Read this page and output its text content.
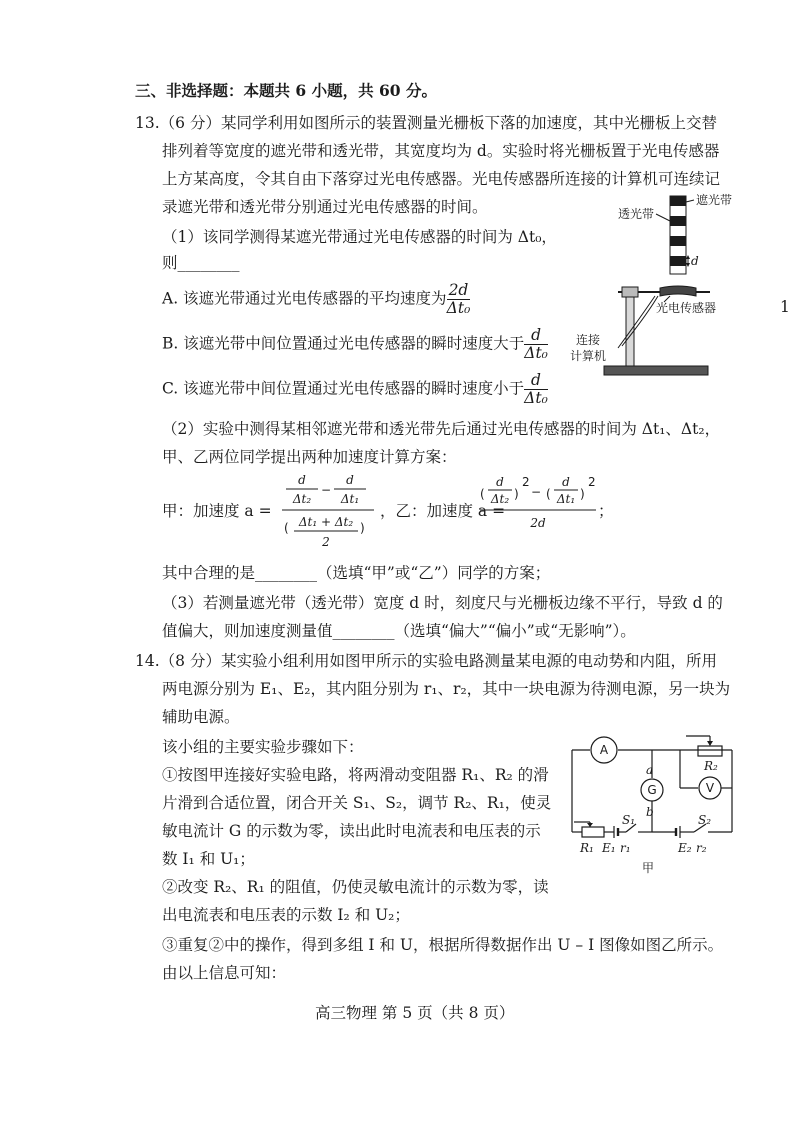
三、非选择题：本题共 6 小题，共 60 分。
13.（6 分）某同学利用如图所示的装置测量光栅板下落的加速度，其中光栅板上交替
排列着等宽度的遮光带和透光带，其宽度均为 d。实验时将光栅板置于光电传感器
上方某高度，令其自由下落穿过光电传感器。光电传感器所连接的计算机可连续记
录遮光带和透光带分别通过光电传感器的时间。
（1）该同学测得某遮光带通过光电传感器的时间为 Δt₀，
则________
A. 该遮光带通过光电传感器的平均速度为 $\frac{2d}{\text{Δt₀}}$
B. 该遮光带中间位置通过光电传感器的瞬时速度大于 $\frac{d}{\text{Δt₀}}$
C. 该遮光带中间位置通过光电传感器的瞬时速度小于 $\frac{d}{\text{Δt₀}}$
（2）实验中测得某相邻遮光带和透光带先后通过光电传感器的时间为 Δt₁、Δt₂，
甲、乙两位同学提出两种加速度计算方案：
甲：加速度 a =
d
Δt₂
−
d
Δt₁
( Δt₁ + Δt₂
2
)
，乙：加速度 a =
(
d
Δt₂ )
2
− (
d
Δt₁ )
2
2d
；
其中合理的是________（选填“甲”或“乙”）同学的方案；
（3）若测量遮光带（透光带）宽度 d 时，刻度尺与光栅板边缘不平行，导致 d 的
值偏大，则加速度测量值________（选填“偏大”“偏小”或“无影响”）。
d
透光带
遮光带
光电传感器
连接
计算机
14.（8 分）某实验小组利用如图甲所示的实验电路测量某电源的电动势和内阻，所用
两电源分别为 E₁、E₂，其内阻分别为 r₁、r₂，其中一块电源为待测电源，另一块为
辅助电源。
该小组的主要实验步骤如下：
①按图甲连接好实验电路，将两滑动变阻器 R₁、R₂ 的滑
片滑到合适位置，闭合开关 S₁、S₂，调节 R₂、R₁，使灵
敏电流计 G 的示数为零，读出此时电流表和电压表的示
数 I₁ 和 U₁；
②改变 R₂、R₁ 的阻值，仍使灵敏电流计的示数为零，读
出电流表和电压表的示数 I₂ 和 U₂；
③重复②中的操作，得到多组 I 和 U，根据所得数据作出 U – I 图像如图乙所示。
由以上信息可知：
A
G	V
a
b
R₂
R₁ E₁ r₁
S₁
E₂ r₂
S₂
甲
1
高三物理 第 5 页（共 8 页）
